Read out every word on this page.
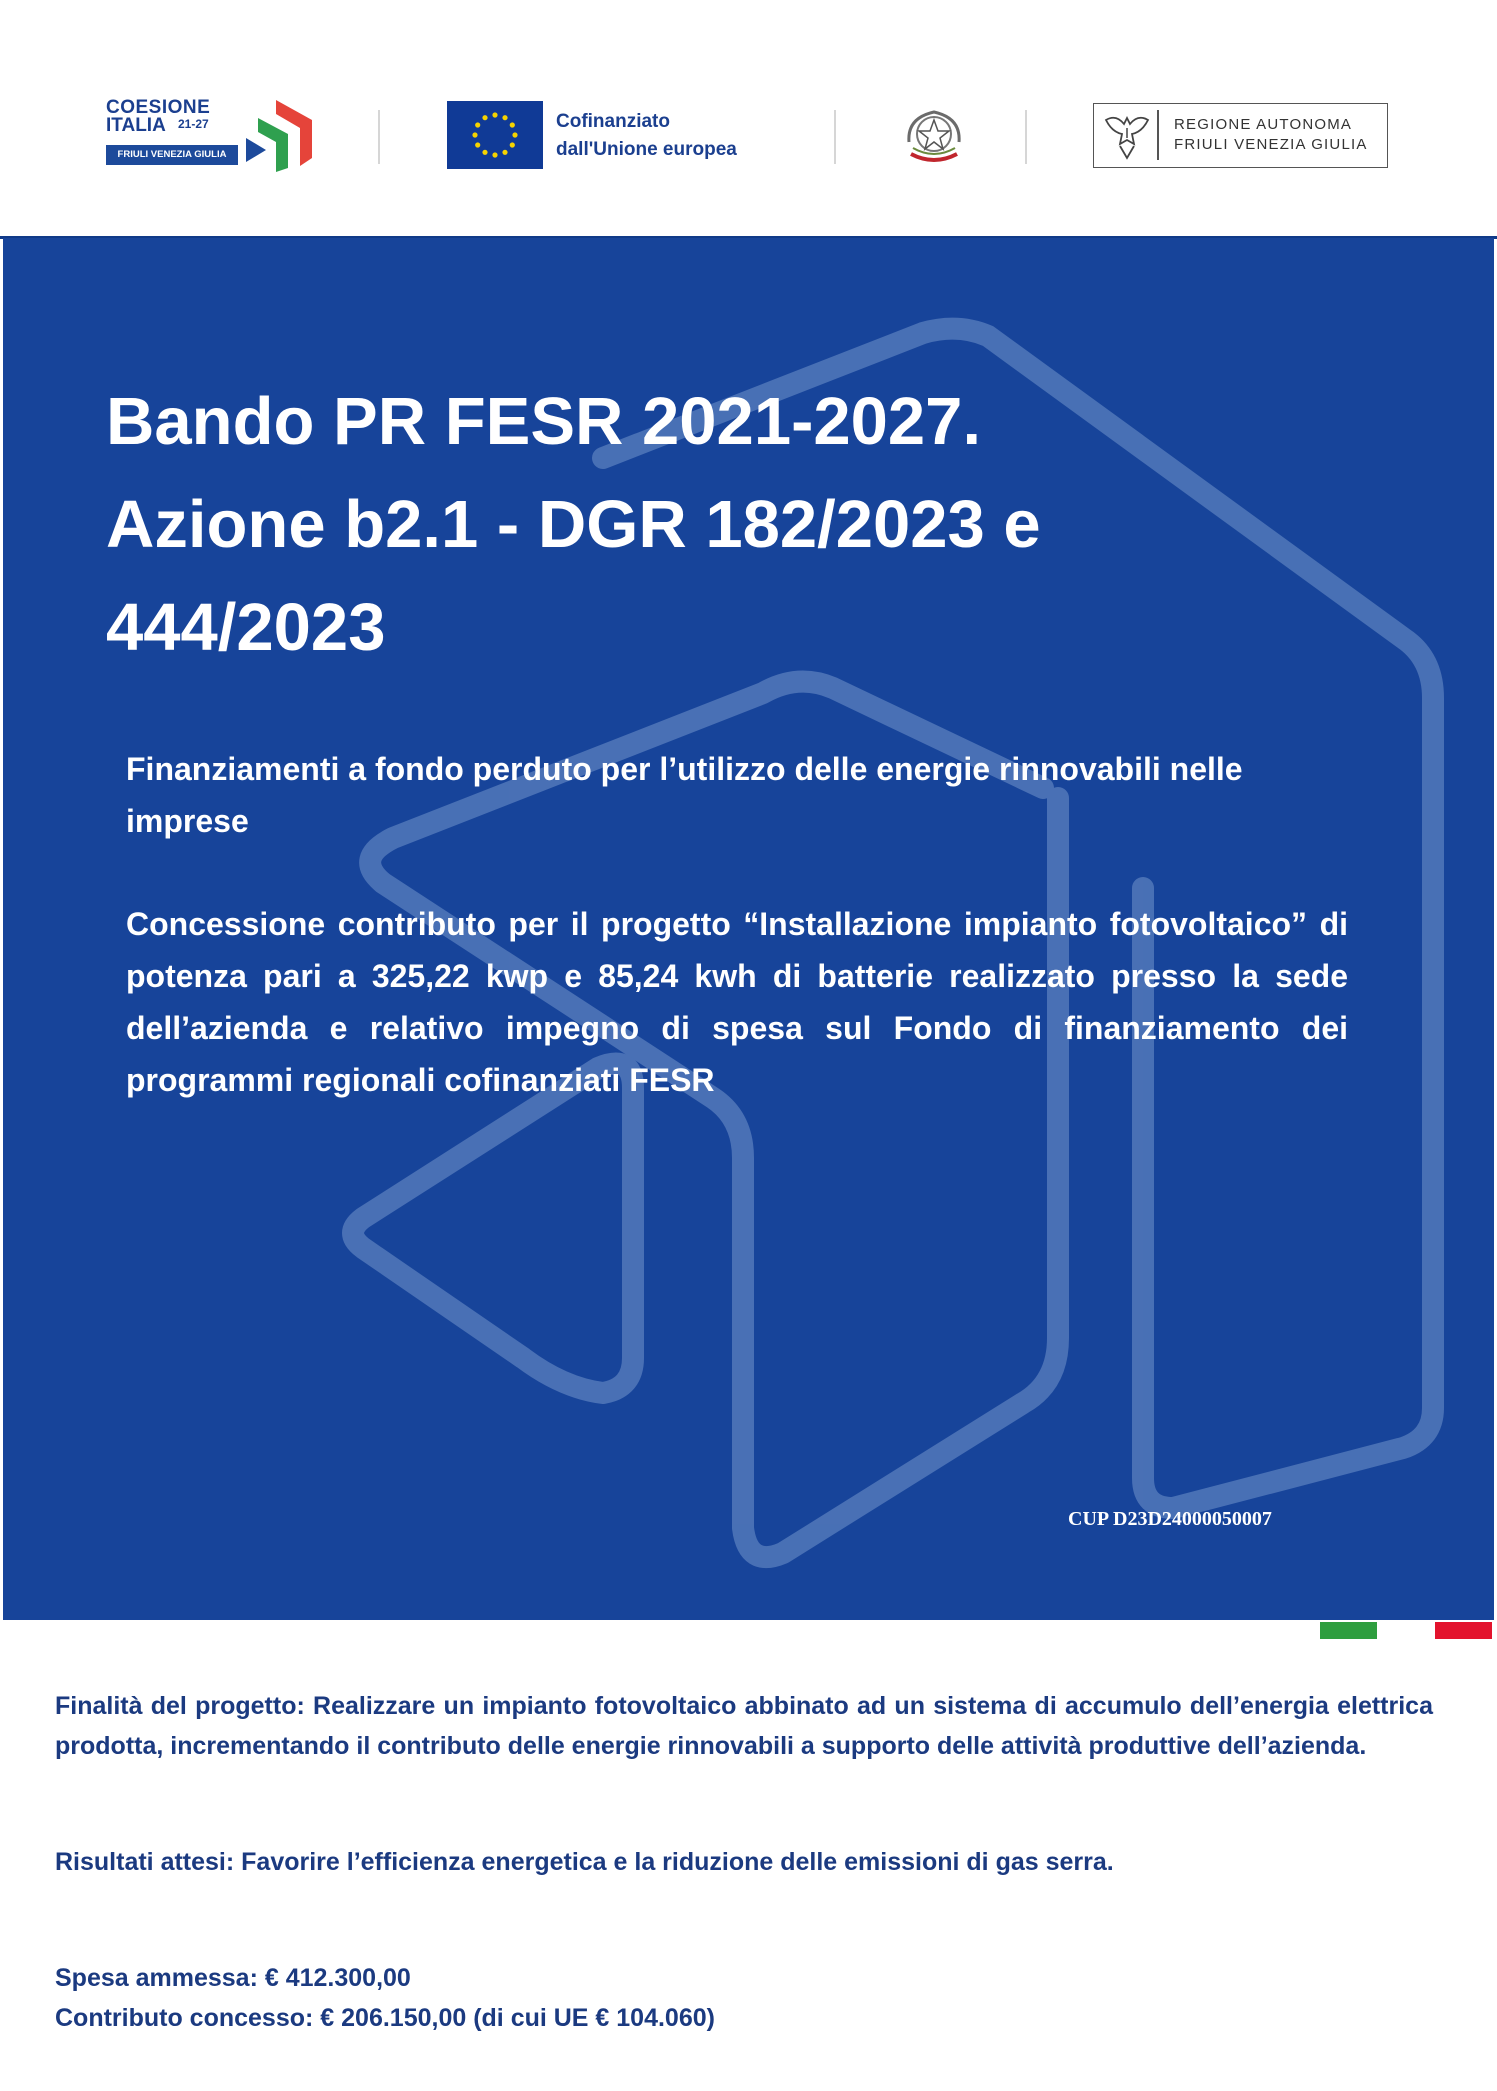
COESIONE
ITALIA 21-27
FRIULI VENEZIA GIULIA
Cofinanziato
dall'Unione europea
REGIONE AUTONOMA
FRIULI VENEZIA GIULIA
Bando PR FESR 2021-2027.
Azione b2.1 - DGR 182/2023 e
444/2023
Finanziamenti a fondo perduto per l’utilizzo delle energie rinnovabili nelle imprese
Concessione contributo per il progetto “Installazione impianto fotovoltaico” di potenza pari a 325,22 kwp e 85,24 kwh di batterie realizzato presso la sede dell’azienda e relativo impegno di spesa sul Fondo di finanziamento dei programmi regionali cofinanziati FESR
CUP D23D24000050007
Finalità del progetto: Realizzare un impianto fotovoltaico abbinato ad un sistema di accumulo dell’energia elettrica prodotta, incrementando il contributo delle energie rinnovabili a supporto delle attività produttive dell’azienda.
Risultati attesi: Favorire l’efficienza energetica e la riduzione delle emissioni di gas serra.
Spesa ammessa: € 412.300,00
Contributo concesso: € 206.150,00 (di cui UE € 104.060)
